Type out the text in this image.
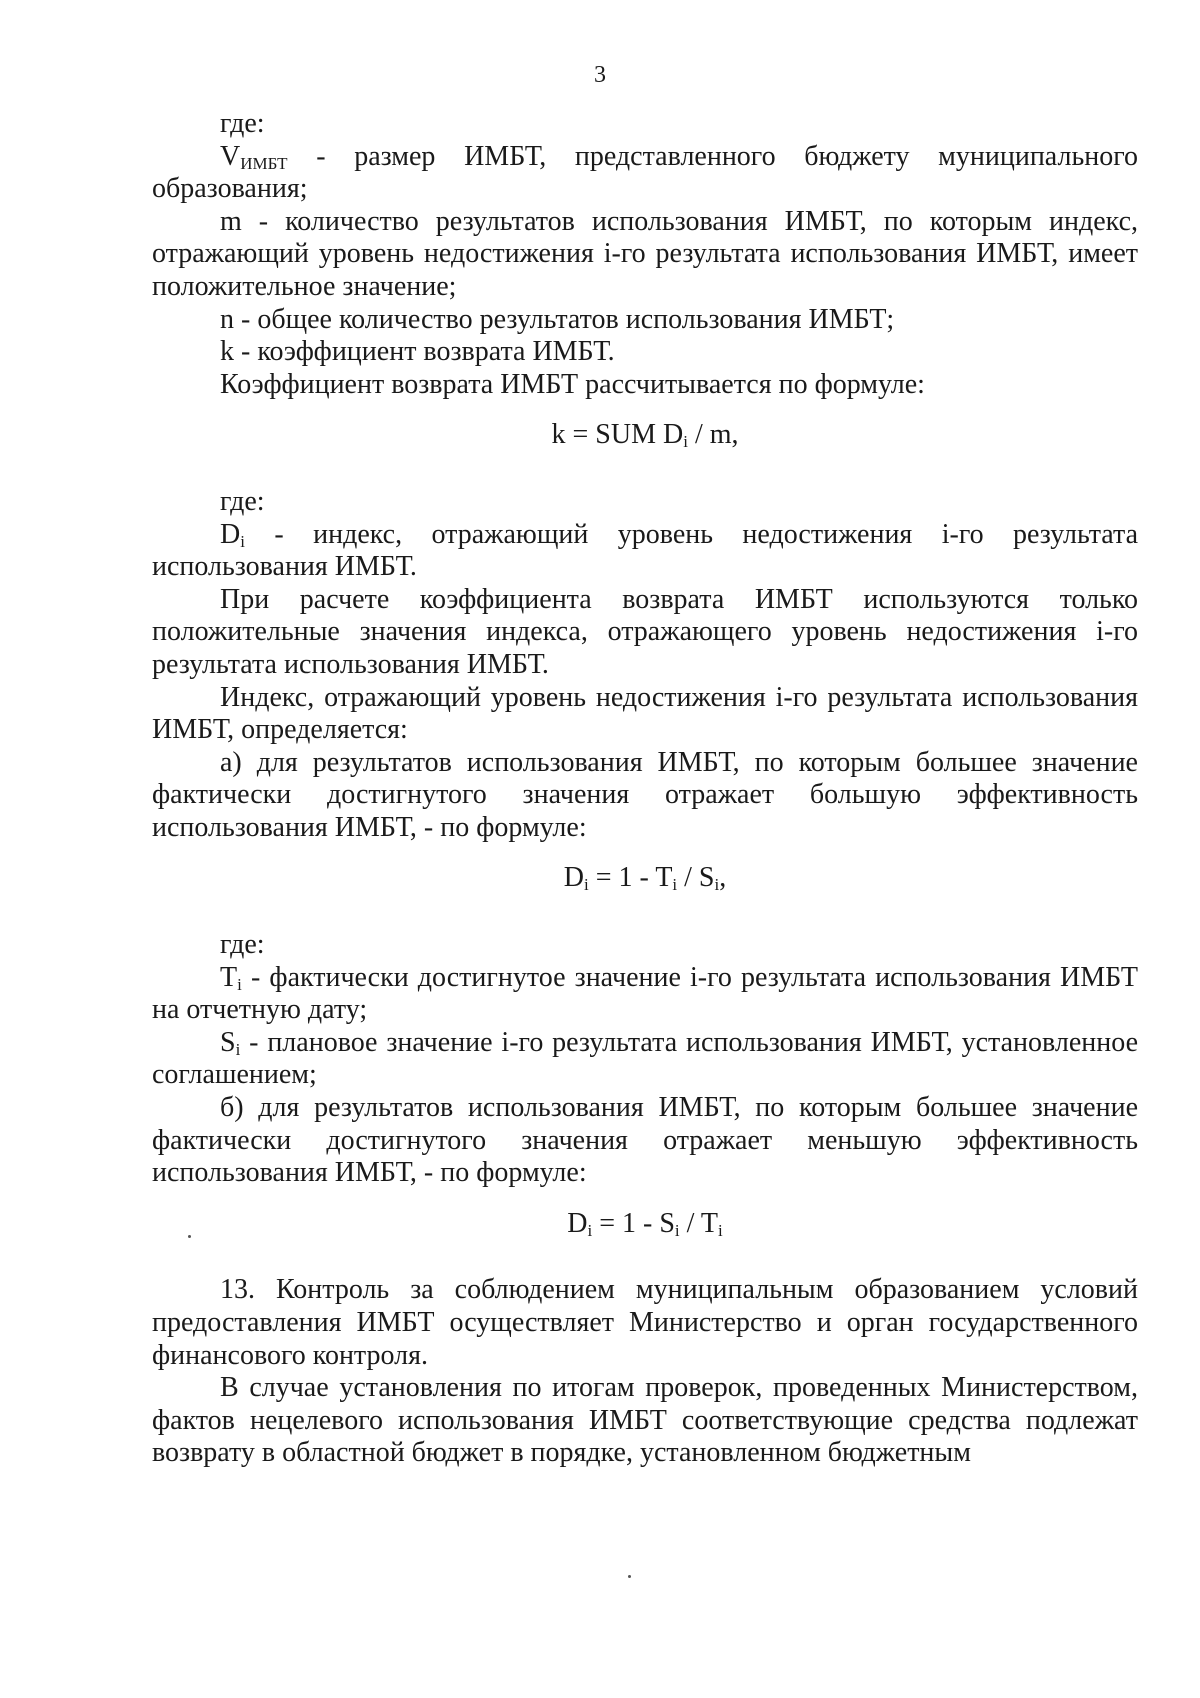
3

где:

$V_{ИМБТ}$ - размер ИМБТ, представленного бюджету муниципального образования;

m - количество результатов использования ИМБТ, по которым индекс, отражающий уровень недостижения i-го результата использования ИМБТ, имеет положительное значение;

n - общее количество результатов использования ИМБТ;

k - коэффициент возврата ИМБТ.

Коэффициент возврата ИМБТ рассчитывается по формуле:

k = SUM $D_i$ / m,

где:

$D_i$ - индекс, отражающий уровень недостижения i-го результата использования ИМБТ.

При расчете коэффициента возврата ИМБТ используются только положительные значения индекса, отражающего уровень недостижения i-го результата использования ИМБТ.

Индекс, отражающий уровень недостижения i-го результата использования ИМБТ, определяется:

а) для результатов использования ИМБТ, по которым большее значение фактически достигнутого значения отражает большую эффективность использования ИМБТ, - по формуле:

$D_i = 1 - T_i / S_i$,

где:

$T_i$ - фактически достигнутое значение i-го результата использования ИМБТ на отчетную дату;

$S_i$ - плановое значение i-го результата использования ИМБТ, установленное соглашением;

б) для результатов использования ИМБТ, по которым большее значение фактически достигнутого значения отражает меньшую эффективность использования ИМБТ, - по формуле:

$D_i = 1 - S_i / T_i$

13. Контроль за соблюдением муниципальным образованием условий предоставления ИМБТ осуществляет Министерство и орган государственного финансового контроля.

В случае установления по итогам проверок, проведенных Министерством, фактов нецелевого использования ИМБТ соответствующие средства подлежат возврату в областной бюджет в порядке, установленном бюджетным
